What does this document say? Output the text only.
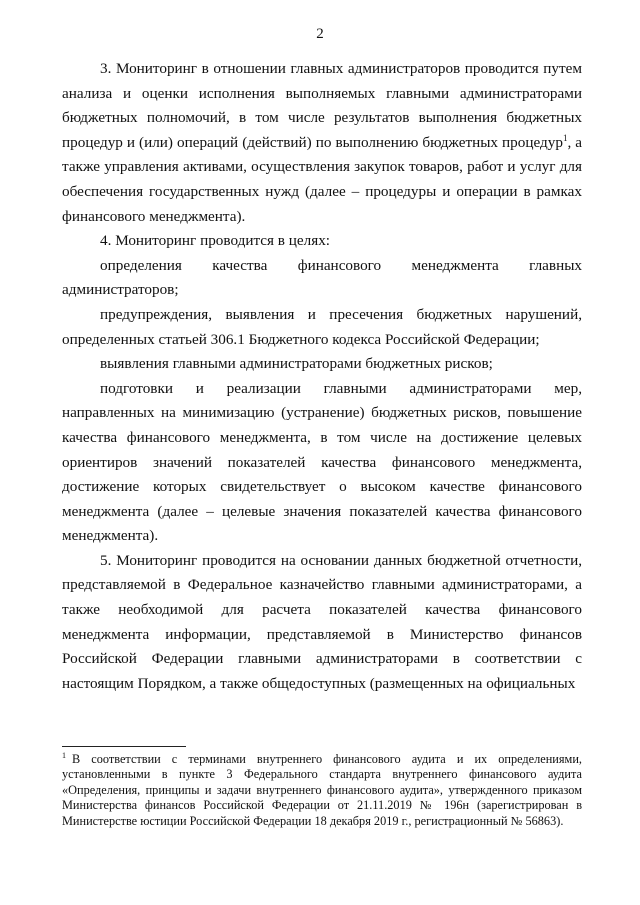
2

3. Мониторинг в отношении главных администраторов проводится путем анализа и оценки исполнения выполняемых главными администраторами бюджетных полномочий, в том числе результатов выполнения бюджетных процедур и (или) операций (действий) по выполнению бюджетных процедур$^1$, а также управления активами, осуществления закупок товаров, работ и услуг для обеспечения государственных нужд (далее – процедуры и операции в рамках финансового менеджмента).

4. Мониторинг проводится в целях:

определения качества финансового менеджмента главных администраторов;

предупреждения, выявления и пресечения бюджетных нарушений, определенных статьей 306.1 Бюджетного кодекса Российской Федерации;

выявления главными администраторами бюджетных рисков;

подготовки и реализации главными администраторами мер, направленных на минимизацию (устранение) бюджетных рисков, повышение качества финансового менеджмента, в том числе на достижение целевых ориентиров значений показателей качества финансового менеджмента, достижение которых свидетельствует о высоком качестве финансового менеджмента (далее – целевые значения показателей качества финансового менеджмента).

5. Мониторинг проводится на основании данных бюджетной отчетности, представляемой в Федеральное казначейство главными администраторами, а также необходимой для расчета показателей качества финансового менеджмента информации, представляемой в Министерство финансов Российской Федерации главными администраторами в соответствии с настоящим Порядком, а также общедоступных (размещенных на официальных

$^1$ В соответствии с терминами внутреннего финансового аудита и их определениями, установленными в пункте 3 Федерального стандарта внутреннего финансового аудита «Определения, принципы и задачи внутреннего финансового аудита», утвержденного приказом Министерства финансов Российской Федерации от 21.11.2019 № 196н (зарегистрирован в Министерстве юстиции Российской Федерации 18 декабря 2019 г., регистрационный № 56863).
